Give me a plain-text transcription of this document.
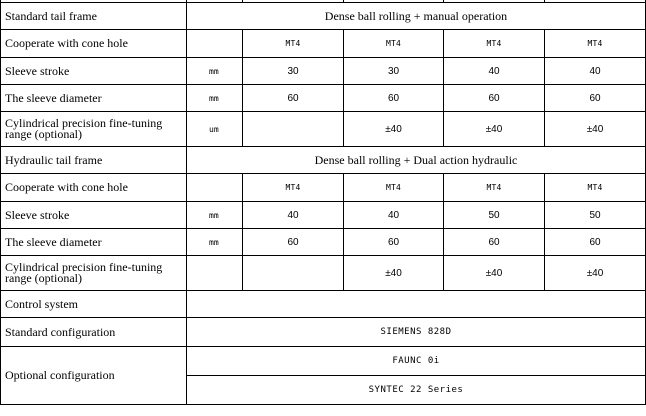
Standard tail frame	Dense ball rolling + manual operation				
Cooperate with cone hole		MT4	MT4	MT4	MT4
Sleeve stroke	mm	30	30	40	40
The sleeve diameter	mm	60	60	60	60
Cylindrical precision fine-tuning range (optional)	um		±40	±40	±40
Hydraulic tail frame	Dense ball rolling + Dual action hydraulic				
Cooperate with cone hole		MT4	MT4	MT4	MT4
Sleeve stroke	mm	40	40	50	50
The sleeve diameter	mm	60	60	60	60
Cylindrical precision fine-tuning range (optional)			±40	±40	±40
Control system					
Standard configuration	SIEMENS 828D				
Optional configuration	FAUNC 0i				
	SYNTEC 22 Series				
